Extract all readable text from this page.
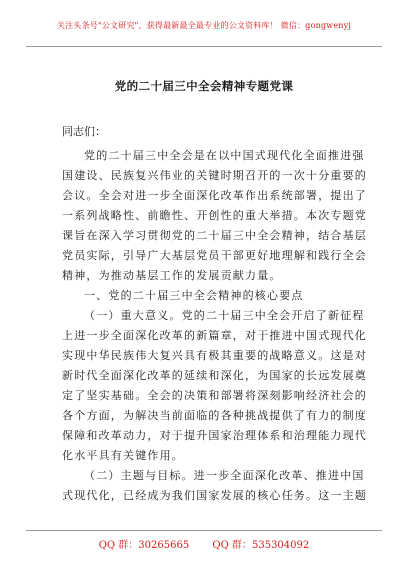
关注头条号"公文研究"，获得最新最全最专业的公文资料库！ 微信：gongwenyj
党的二十届三中全会精神专题党课
同志们：

党的二十届三中全会是在以中国式现代化全面推进强
国建设、民族复兴伟业的关键时期召开的一次十分重要的
会议。全会对进一步全面深化改革作出系统部署，提出了
一系列战略性、前瞻性、开创性的重大举措。本次专题党
课旨在深入学习贯彻党的二十届三中全会精神，结合基层
党员实际，引导广大基层党员干部更好地理解和践行全会
精神，为推动基层工作的发展贡献力量。

一、党的二十届三中全会精神的核心要点

（一）重大意义。党的二十届三中全会开启了新征程
上进一步全面深化改革的新篇章，对于推进中国式现代化
实现中华民族伟大复兴具有极其重要的战略意义。这是对
新时代全面深化改革的延续和深化，为国家的长远发展奠
定了坚实基础。全会的决策和部署将深刻影响经济社会的
各个方面，为解决当前面临的各种挑战提供了有力的制度
保障和改革动力，对于提升国家治理体系和治理能力现代
化水平具有关键作用。

（二）主题与目标。进一步全面深化改革、推进中国
式现代化，已经成为我们国家发展的核心任务。这一主题

QQ 群：30265665 QQ 群：535304092
